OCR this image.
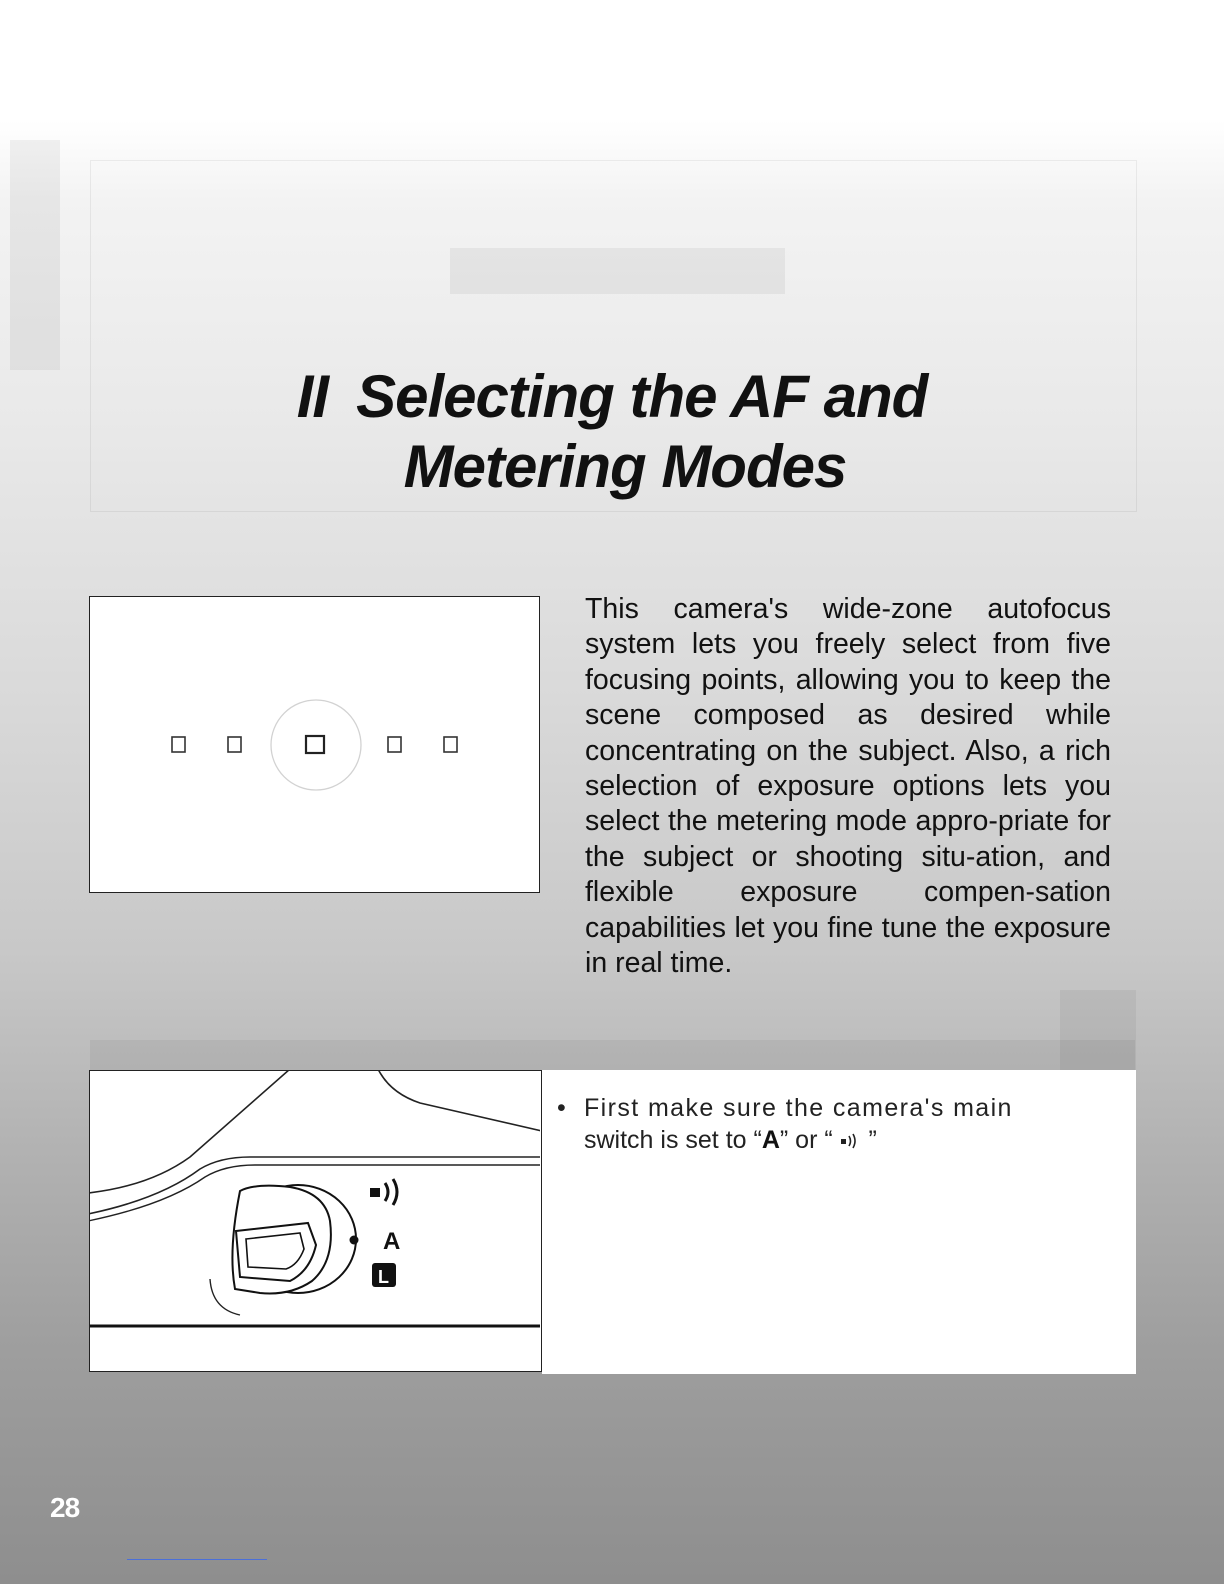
II Selecting the AF and
Metering Modes

This camera's wide-zone autofocus system lets you freely select from five focusing points, allowing you to keep the scene composed as desired while concentrating on the subject. Also, a rich selection of exposure options lets you select the metering mode appro-priate for the subject or shooting situ-ation, and flexible exposure compen-sation capabilities let you fine tune the exposure in real time.

A
L
• First make sure the camera's main
switch is set to “A” or “  ”
28
